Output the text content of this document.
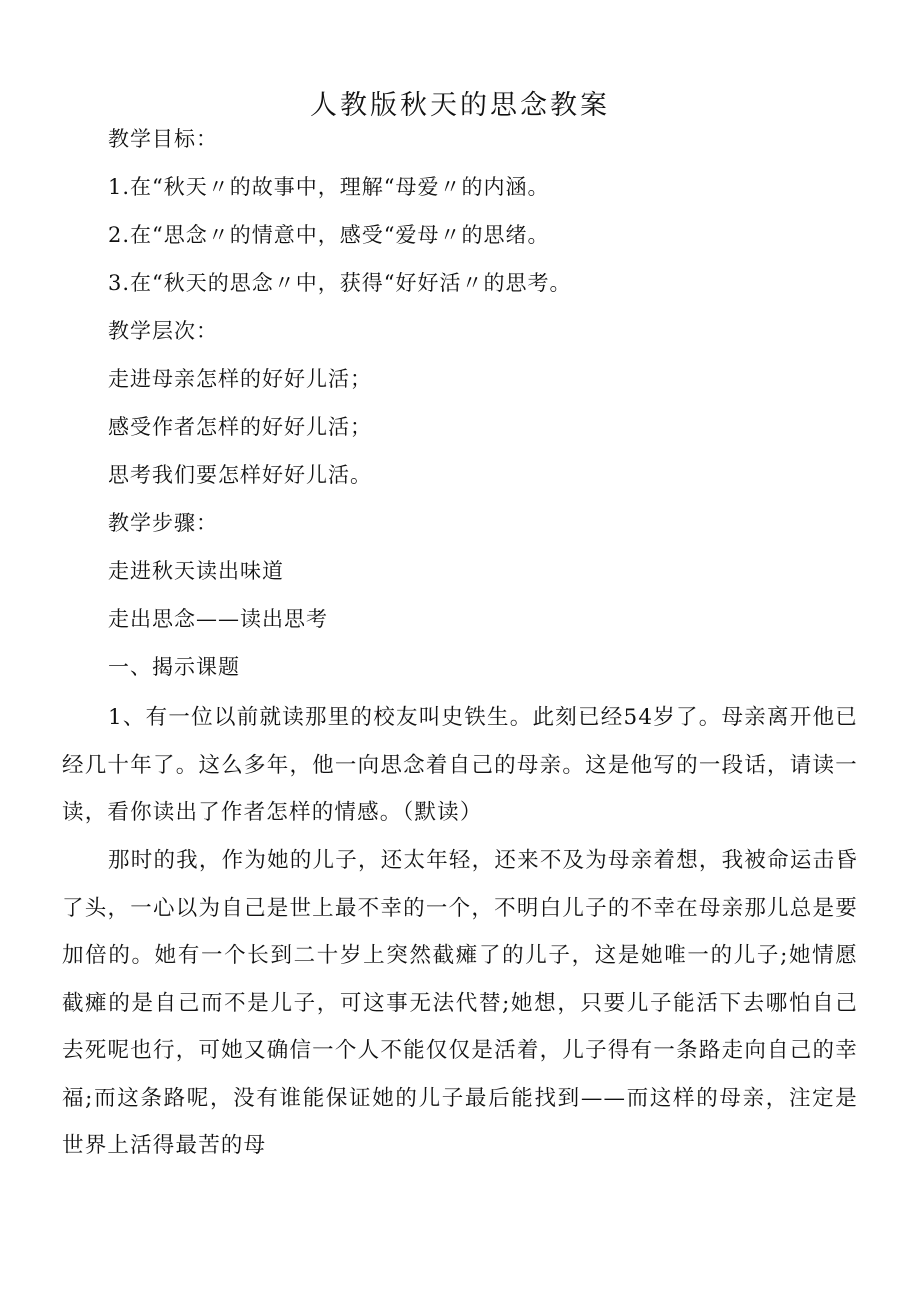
人教版秋天的思念教案
教学目标：
1.在“秋天〃的故事中，理解“母爱〃的内涵。
2.在“思念〃的情意中，感受“爱母〃的思绪。
3.在“秋天的思念〃中，获得“好好活〃的思考。
教学层次：
走进母亲怎样的好好儿活；
感受作者怎样的好好儿活；
思考我们要怎样好好儿活。
教学步骤：
走进秋天读出味道
走出思念——读出思考
一、揭示课题

1、有一位以前就读那里的校友叫史铁生。此刻已经54岁了。母亲离开他已经几十年了。这么多年，他一向思念着自己的母亲。这是他写的一段话，请读一读，看你读出了作者怎样的情感。（默读）

那时的我，作为她的儿子，还太年轻，还来不及为母亲着想，我被命运击昏了头，一心以为自己是世上最不幸的一个，不明白儿子的不幸在母亲那儿总是要加倍的。她有一个长到二十岁上突然截瘫了的儿子，这是她唯一的儿子;她情愿截瘫的是自己而不是儿子，可这事无法代替;她想，只要儿子能活下去哪怕自己去死呢也行，可她又确信一个人不能仅仅是活着，儿子得有一条路走向自己的幸福;而这条路呢，没有谁能保证她的儿子最后能找到——而这样的母亲，注定是世界上活得最苦的母
